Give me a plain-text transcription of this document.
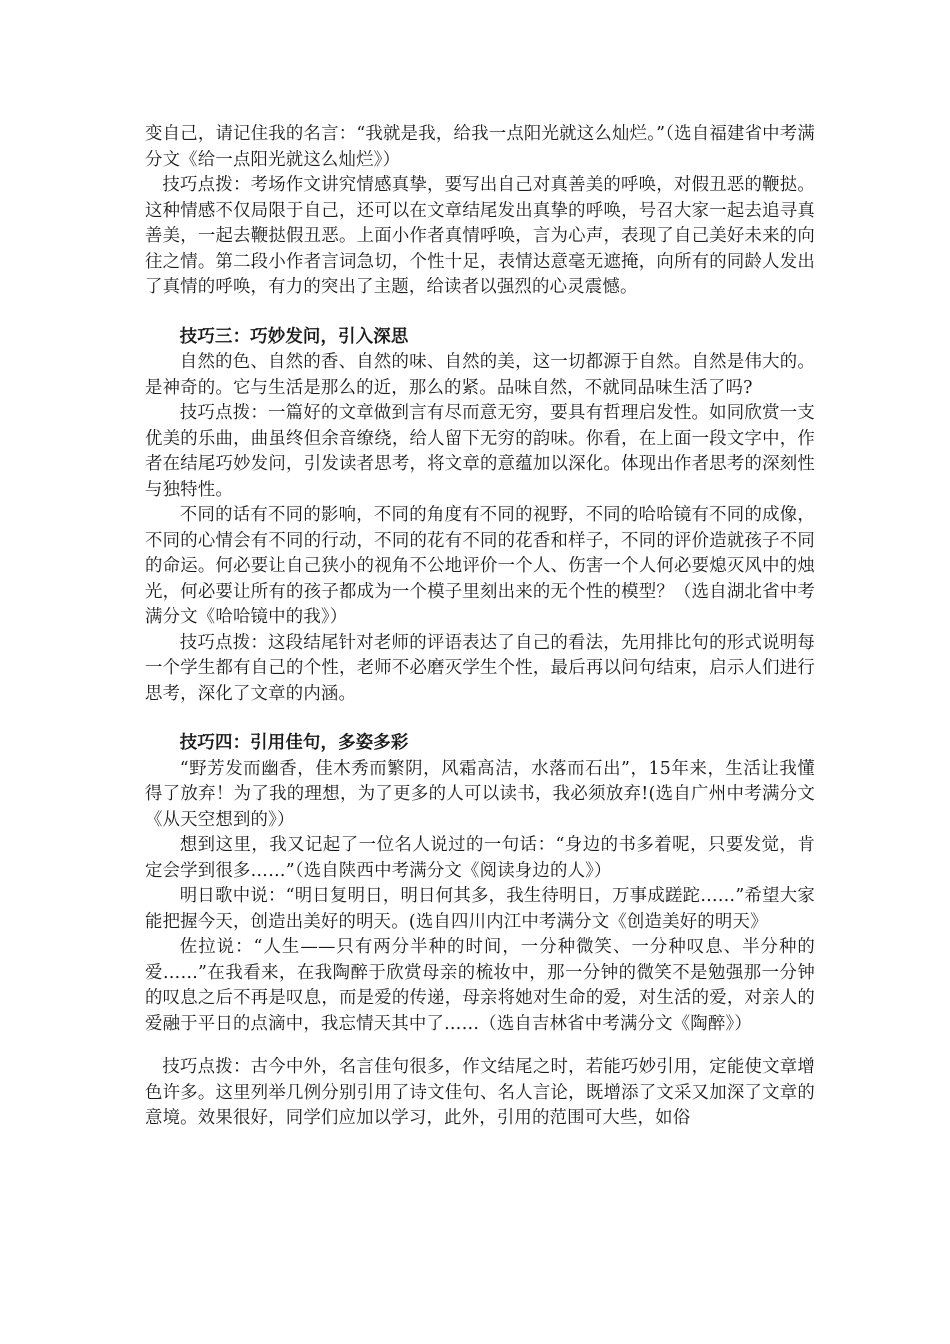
变自己，请记住我的名言：“我就是我，给我一点阳光就这么灿烂。”（选自福建省中考满分文《给一点阳光就这么灿烂》）

技巧点拨：考场作文讲究情感真挚，要写出自己对真善美的呼唤，对假丑恶的鞭挞。这种情感不仅局限于自己，还可以在文章结尾发出真挚的呼唤，号召大家一起去追寻真善美，一起去鞭挞假丑恶。上面小作者真情呼唤，言为心声，表现了自己美好未来的向往之情。第二段小作者言词急切，个性十足，表情达意毫无遮掩，向所有的同龄人发出了真情的呼唤，有力的突出了主题，给读者以强烈的心灵震憾。

技巧三：巧妙发问，引入深思

自然的色、自然的香、自然的味、自然的美，这一切都源于自然。自然是伟大的。是神奇的。它与生活是那么的近，那么的紧。品味自然，不就同品味生活了吗?

技巧点拨：一篇好的文章做到言有尽而意无穷，要具有哲理启发性。如同欣赏一支优美的乐曲，曲虽终但余音缭绕，给人留下无穷的韵味。你看，在上面一段文字中，作者在结尾巧妙发问，引发读者思考，将文章的意蕴加以深化。体现出作者思考的深刻性与独特性。

不同的话有不同的影响，不同的角度有不同的视野，不同的哈哈镜有不同的成像，不同的心情会有不同的行动，不同的花有不同的花香和样子，不同的评价造就孩子不同的命运。何必要让自己狭小的视角不公地评价一个人、伤害一个人何必要熄灭风中的烛光，何必要让所有的孩子都成为一个模子里刻出来的无个性的模型？（选自湖北省中考满分文《哈哈镜中的我》）

技巧点拨：这段结尾针对老师的评语表达了自己的看法，先用排比句的形式说明每一个学生都有自己的个性，老师不必磨灭学生个性，最后再以问句结束，启示人们进行思考，深化了文章的内涵。

技巧四：引用佳句，多姿多彩

“野芳发而幽香，佳木秀而繁阴，风霜高洁，水落而石出”，15年来，生活让我懂得了放弃！为了我的理想，为了更多的人可以读书，我必须放弃!(选自广州中考满分文《从天空想到的》）

想到这里，我又记起了一位名人说过的一句话：“身边的书多着呢，只要发觉，肯定会学到很多……”（选自陕西中考满分文《阅读身边的人》）

明日歌中说：“明日复明日，明日何其多，我生待明日，万事成蹉跎……”希望大家能把握今天，创造出美好的明天。(选自四川内江中考满分文《创造美好的明天》

佐拉说：“人生——只有两分半种的时间，一分种微笑、一分种叹息、半分种的爱……”在我看来，在我陶醉于欣赏母亲的梳妆中，那一分钟的微笑不是勉强那一分钟的叹息之后不再是叹息，而是爱的传递，母亲将她对生命的爱，对生活的爱，对亲人的爱融于平日的点滴中，我忘情天其中了……（选自吉林省中考满分文《陶醉》）

技巧点拨：古今中外，名言佳句很多，作文结尾之时，若能巧妙引用，定能使文章增色许多。这里列举几例分别引用了诗文佳句、名人言论，既增添了文采又加深了文章的意境。效果很好，同学们应加以学习，此外，引用的范围可大些，如俗
